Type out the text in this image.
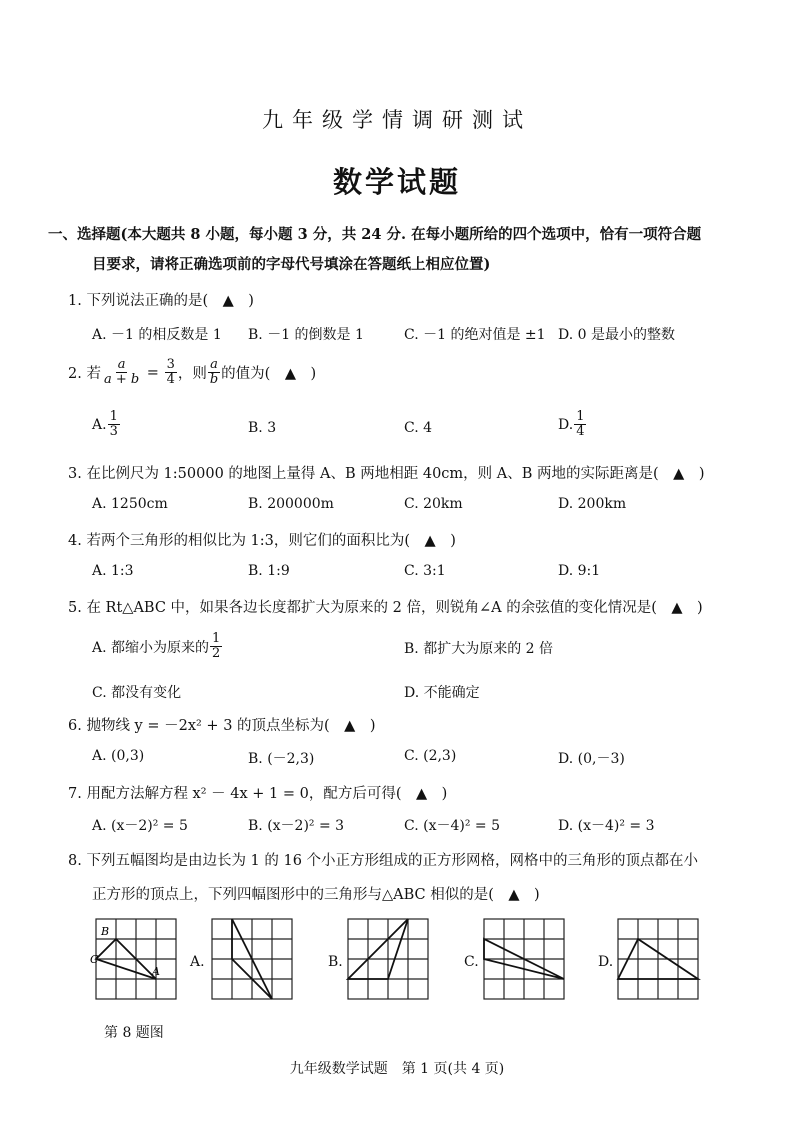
九年级学情调研测试
数学试题
一、选择题(本大题共 8 小题，每小题 3 分，共 24 分. 在每小题所给的四个选项中，恰有一项符合题
目要求，请将正确选项前的字母代号填涂在答题纸上相应位置)
1. 下列说法正确的是(　▲　)
A. －1 的相反数是 1 B. －1 的倒数是 1	C. －1 的绝对值是 ±1 D. 0 是最小的整数
2. 若 $\frac{a}{a + b} = \frac{3}{4}$ ，则 $\frac{a}{b}$ 的值为(　▲　)
A. $\frac{1}{3}$	B. 3	C. 4	D. $\frac{1}{4}$
3. 在比例尺为 1:50000 的地图上量得 A、B 两地相距 40cm，则 A、B 两地的实际距离是(　▲　)
A. 1250cm	B. 200000m	C. 20km	D. 200km
4. 若两个三角形的相似比为 1:3，则它们的面积比为(　▲　)
A. 1:3	B. 1:9	C. 3:1	D. 9:1
5. 在 Rt△ABC 中，如果各边长度都扩大为原来的 2 倍，则锐角∠A 的余弦值的变化情况是(　▲　)
A. 都缩小为原来的 $\frac{1}{2}$	B. 都扩大为原来的 2 倍
C. 都没有变化	D. 不能确定
6. 抛物线 y = －2x² + 3 的顶点坐标为(　▲　)
A. (0,3)	B. (－2,3)	C. (2,3)	D. (0,－3)
7. 用配方法解方程 x² － 4x + 1 = 0，配方后可得(　▲　)
A. (x－2)² = 5	B. (x－2)² = 3	C. (x－4)² = 5	D. (x－4)² = 3
8. 下列五幅图均是由边长为 1 的 16 个小正方形组成的正方形网格，网格中的三角形的顶点都在小
正方形的顶点上，下列四幅图形中的三角形与△ABC 相似的是(　▲　)
B
C
A
A.	B.	C.	D.
第 8 题图
九年级数学试题　第 1 页(共 4 页)
